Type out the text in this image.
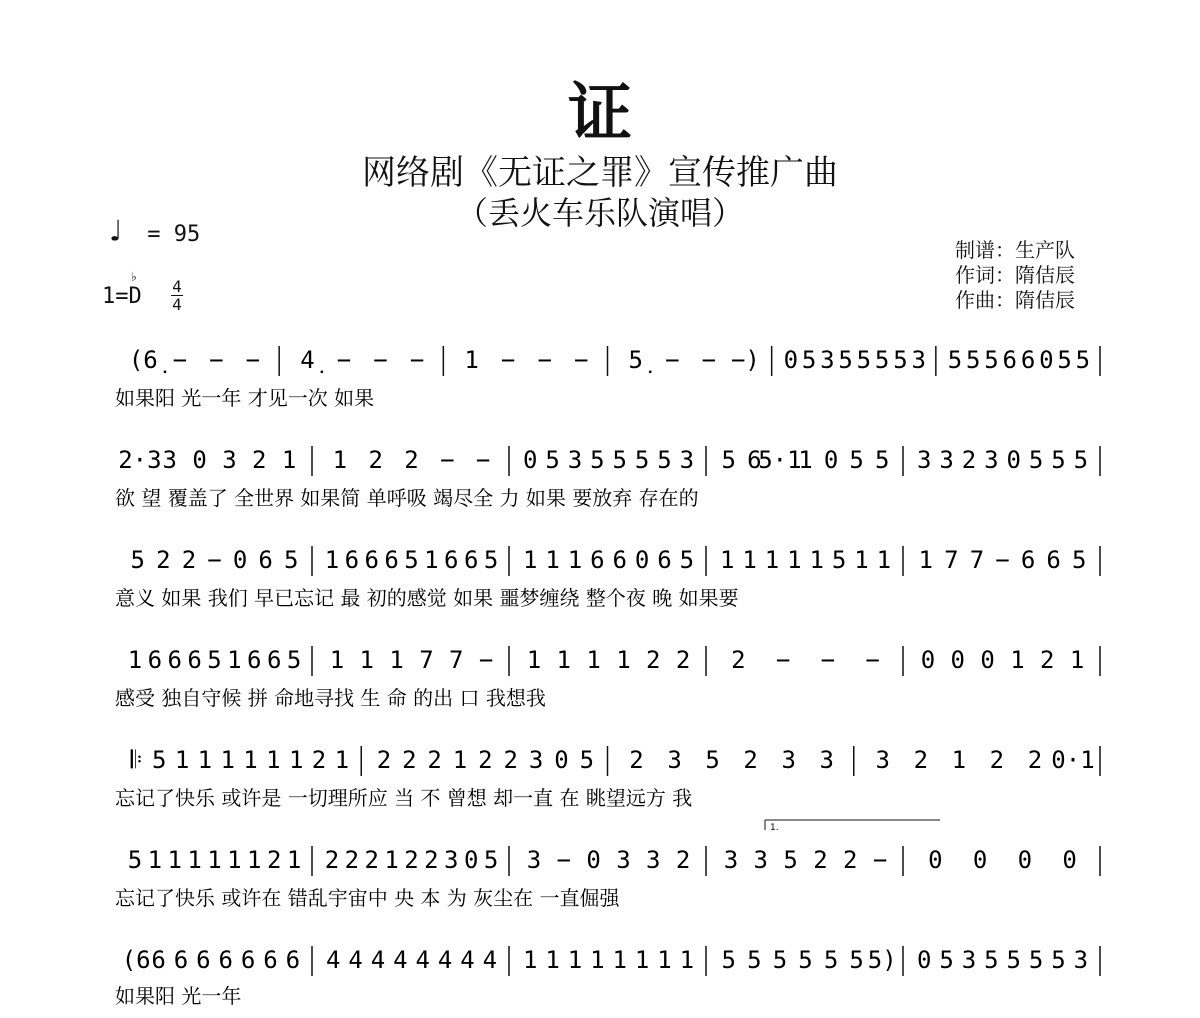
证
网络剧《无证之罪》宣传推广曲
（丢火车乐队演唱）
♩ = 95
1=
♭
D 4
4
制谱：生产队
作词：隋佶辰
作曲：隋佶辰
(6̣ − − − 4̣ − − − 1 − − − 5̣ − − −) 0 5 3 5 5 5 5 3 5 5 5 6 6 0 5 5
如果阳 光一年 才见一次 如果
2·3 3 0 3 2 1 1 2 2 − − 0 5 3 5 5 5 5 3 5 6
5·1
1 0 5 5 3 3 2 3 0 5 5 5
欲 望 覆盖了 全世界 如果简 单呼吸 竭尽全 力 如果 要放弃 存在的
5 2 2 − 0 6 5 1 6 6 6 5 1 6 6 5 1 1 1 6 6 0 6 5 1 1 1 1 1 5 1 1 1 7 7 − 6 6 5
意义 如果 我们 早已忘记 最 初的感觉 如果 噩梦缠绕 整个夜 晚 如果要
1 6 6 6 5 1 6 6 5 1 1 1 7 7 − 1 1 1 1 2 2 2 − − − 0 0 0 1 2 1
感受 独自守候 拼 命地寻找 生 命 的出 口 我想我
𝄆 5 1 1 1 1 1 1 2 1 2 2 2 1 2 2 3 0 5 2 3 5 2 3 3 3 2 1 2 2 0·1
忘记了快乐 或许是 一切理所应 当 不 曾想 却一直 在 眺望远方 我
5 1 1 1 1 1 1 2 1 2 2 2 1 2 2 3 0 5 3 − 0 3 3 2 3 3 5 2 2 − 0 0 0 0
忘记了快乐 或许在 错乱宇宙中 央 本 为 灰尘在 一直倔强
(6 6 6 6 6 6 6 6 4 4 4 4 4 4 4 4 1 1 1 1 1 1 1 1 5 5 5 5 5 5 5) 0 5 3 5 5 5 5 3
如果阳 光一年
1.
